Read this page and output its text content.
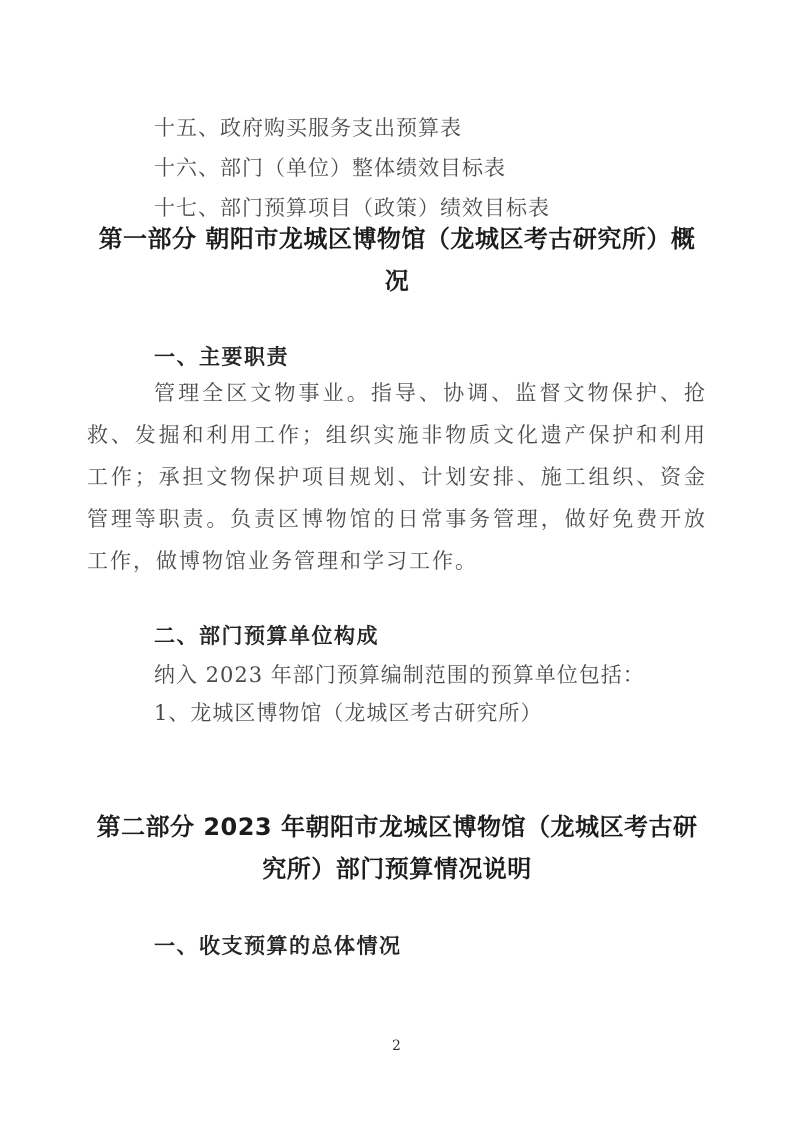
十五、政府购买服务支出预算表

十六、部门（单位）整体绩效目标表

十七、部门预算项目（政策）绩效目标表

第一部分 朝阳市龙城区博物馆（龙城区考古研究所）概况
一、主要职责

管理全区文物事业。指导、协调、监督文物保护、抢救、发掘和利用工作；组织实施非物质文化遗产保护和利用工作；承担文物保护项目规划、计划安排、施工组织、资金管理等职责。负责区博物馆的日常事务管理，做好免费开放工作，做博物馆业务管理和学习工作。

二、部门预算单位构成

纳入 2023 年部门预算编制范围的预算单位包括：

1、龙城区博物馆（龙城区考古研究所）

第二部分 2023 年朝阳市龙城区博物馆（龙城区考古研究所）部门预算情况说明
一、收支预算的总体情况
2
